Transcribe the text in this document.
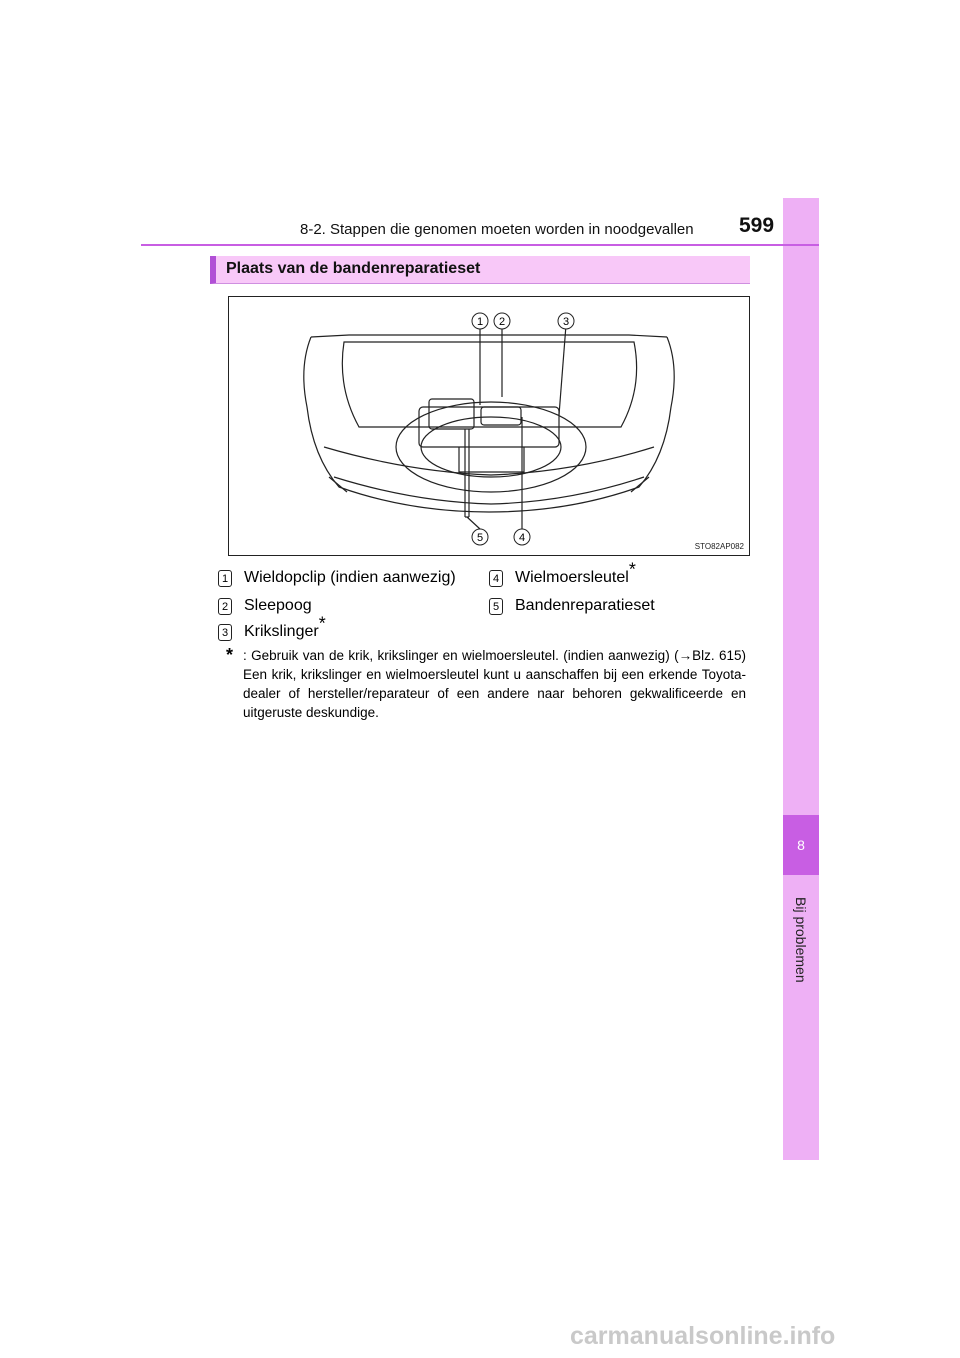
8
Bij problemen
8-2. Stappen die genomen moeten worden in noodgevallen 599
Plaats van de bandenreparatieset
1 2	3
4
5
STO82AP082
1 Wieldopclip (indien aanwezig)
2 Sleepoog
3 Krikslinger*
4 Wielmoersleutel*
5 Bandenreparatieset
* : Gebruik van de krik, krikslinger en wielmoersleutel. (indien aanwezig) (→Blz. 615) Een krik, krikslinger en wielmoersleutel kunt u aanschaffen bij een erkende Toyota-dealer of hersteller/reparateur of een andere naar behoren gekwalificeerde en uitgeruste deskundige.
carmanualsonline.info
